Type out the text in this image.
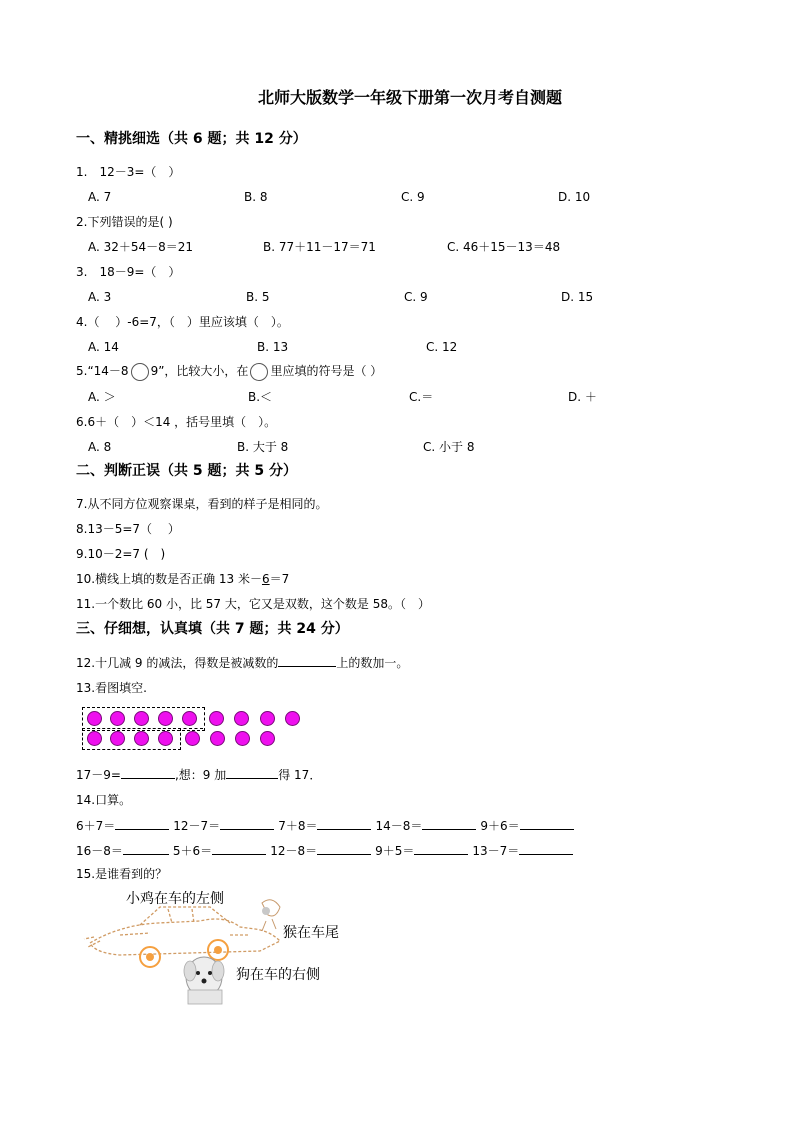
北师大版数学一年级下册第一次月考自测题
一、精挑细选（共 6 题；共 12 分）
1.　12－3=（　）
A. 7	B. 8	C. 9	D. 10
2.下列错误的是( )
A. 32＋54－8＝21	B. 77＋11－17＝71	C. 46＋15－13＝48
3.　18－9=（　）
A. 3	B. 5	C. 9	D. 15
4.（　 ）-6=7，（　）里应该填（　）。
A. 14	B. 13	C. 12
5.“14－8 9”，比较大小，在 里应填的符号是（ ）
A. ＞	B.＜	C.＝	D. ＋
6.6＋（　）＜14 ，括号里填（　）。
A. 8	B. 大于 8	C. 小于 8
二、判断正误（共 5 题；共 5 分）
7.从不同方位观察课桌，看到的样子是相同的。
8.13－5=7（　 ）
9.10－2=7 (　)
10.横线上填的数是否正确 13 米－6＝7
11.一个数比 60 小，比 57 大，它又是双数，这个数是 58。（　）
三、仔细想，认真填（共 7 题；共 24 分）
12.十几减 9 的减法，得数是被减数的	上的数加一。
13.看图填空.
17－9=	,想：9 加	得 17．
14.口算。
6＋7＝	12－7＝	7＋8＝	14－8＝	9＋6＝
16－8＝	5＋6＝	12－8＝	9＋5＝	13－7＝
15.是谁看到的？
小鸡在车的左侧
猴在车尾
狗在车的右侧
